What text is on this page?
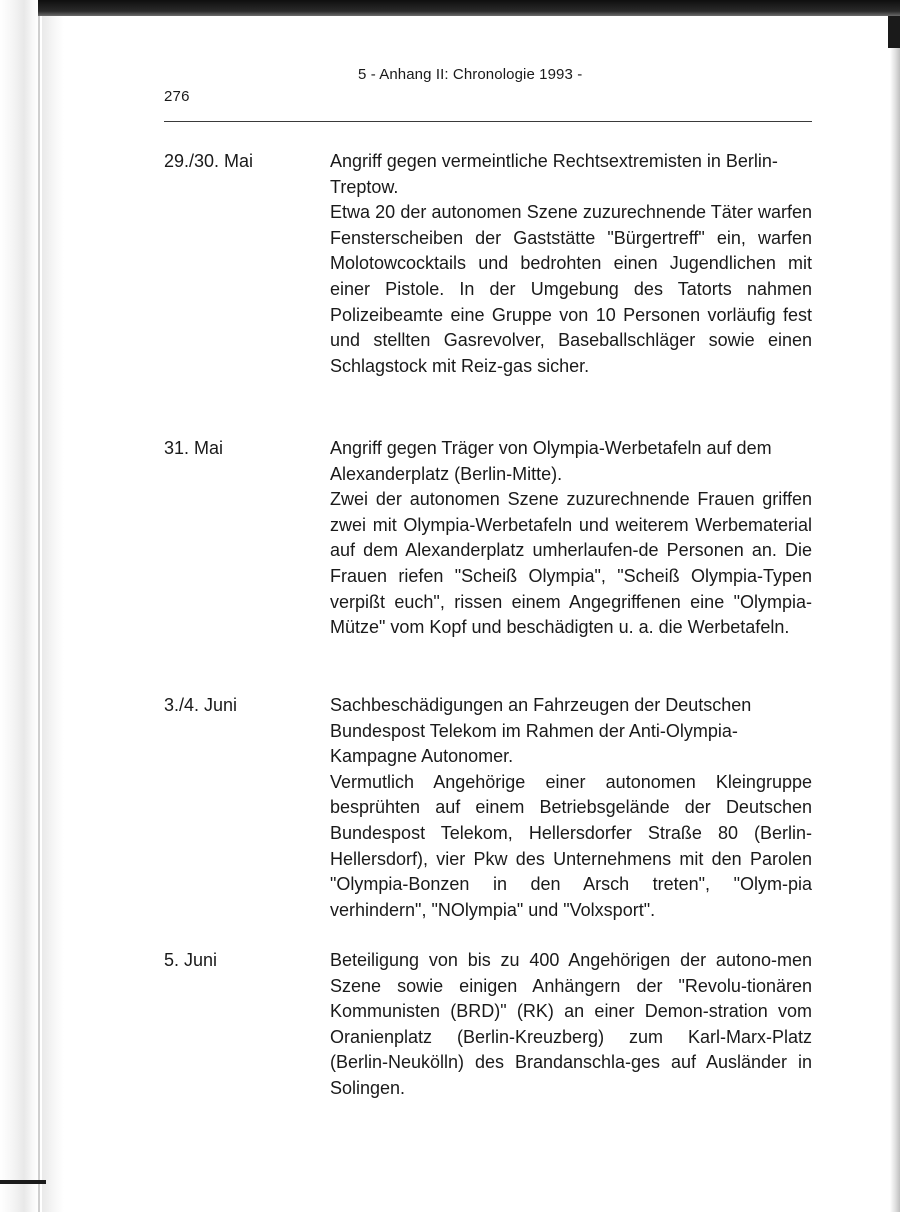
276
5 - Anhang II: Chronologie 1993 -
29./30. Mai	Angriff gegen vermeintliche Rechtsextremisten in Berlin-Treptow.

Etwa 20 der autonomen Szene zuzurechnende Täter warfen Fensterscheiben der Gaststätte "Bürgertreff" ein, warfen Molotowcocktails und bedrohten einen Jugendlichen mit einer Pistole. In der Umgebung des Tatorts nahmen Polizeibeamte eine Gruppe von 10 Personen vorläufig fest und stellten Gasrevolver, Baseballschläger sowie einen Schlagstock mit Reiz-gas sicher.

31. Mai	Angriff gegen Träger von Olympia-Werbetafeln auf dem Alexanderplatz (Berlin-Mitte).

Zwei der autonomen Szene zuzurechnende Frauen griffen zwei mit Olympia-Werbetafeln und weiterem Werbematerial auf dem Alexanderplatz umherlaufen-de Personen an. Die Frauen riefen "Scheiß Olympia", "Scheiß Olympia-Typen verpißt euch", rissen einem Angegriffenen eine "Olympia-Mütze" vom Kopf und beschädigten u. a. die Werbetafeln.

3./4. Juni	Sachbeschädigungen an Fahrzeugen der Deutschen Bundespost Telekom im Rahmen der Anti-Olympia-Kampagne Autonomer.

Vermutlich Angehörige einer autonomen Kleingruppe besprühten auf einem Betriebsgelände der Deutschen Bundespost Telekom, Hellersdorfer Straße 80 (Berlin-Hellersdorf), vier Pkw des Unternehmens mit den Parolen "Olympia-Bonzen in den Arsch treten", "Olym-pia verhindern", "NOlympia" und "Volxsport".

5. Juni	Beteiligung von bis zu 400 Angehörigen der autono-men Szene sowie einigen Anhängern der "Revolu-tionären Kommunisten (BRD)" (RK) an einer Demon-stration vom Oranienplatz (Berlin-Kreuzberg) zum Karl-Marx-Platz (Berlin-Neukölln) des Brandanschla-ges auf Ausländer in Solingen.
